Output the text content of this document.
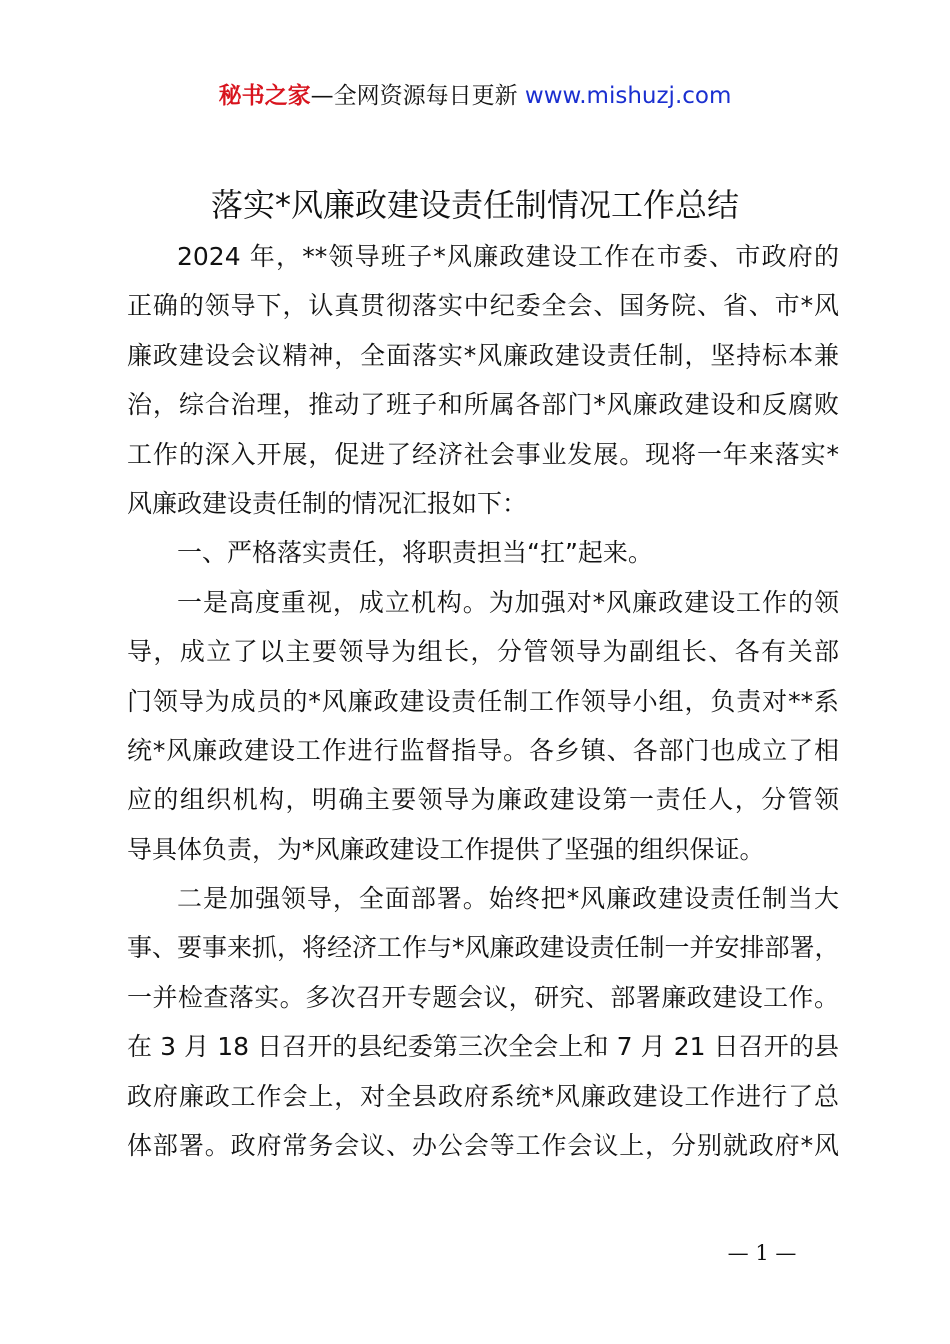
秘书之家—全网资源每日更新 www.mishuzj.com
落实*风廉政建设责任制情况工作总结
2024 年，**领导班子*风廉政建设工作在市委、市政府的
正确的领导下，认真贯彻落实中纪委全会、国务院、省、市*风
廉政建设会议精神，全面落实*风廉政建设责任制，坚持标本兼
治，综合治理，推动了班子和所属各部门*风廉政建设和反腐败
工作的深入开展，促进了经济社会事业发展。现将一年来落实*
风廉政建设责任制的情况汇报如下：
一、严格落实责任，将职责担当“扛”起来。
一是高度重视，成立机构。为加强对*风廉政建设工作的领
导，成立了以主要领导为组长，分管领导为副组长、各有关部
门领导为成员的*风廉政建设责任制工作领导小组，负责对**系
统*风廉政建设工作进行监督指导。各乡镇、各部门也成立了相
应的组织机构，明确主要领导为廉政建设第一责任人，分管领
导具体负责，为*风廉政建设工作提供了坚强的组织保证。
二是加强领导，全面部署。始终把*风廉政建设责任制当大
事、要事来抓，将经济工作与*风廉政建设责任制一并安排部署，
一并检查落实。多次召开专题会议，研究、部署廉政建设工作。
在 3 月 18 日召开的县纪委第三次全会上和 7 月 21 日召开的县
政府廉政工作会上，对全县政府系统*风廉政建设工作进行了总
体部署。政府常务会议、办公会等工作会议上，分别就政府*风
— 1 —
